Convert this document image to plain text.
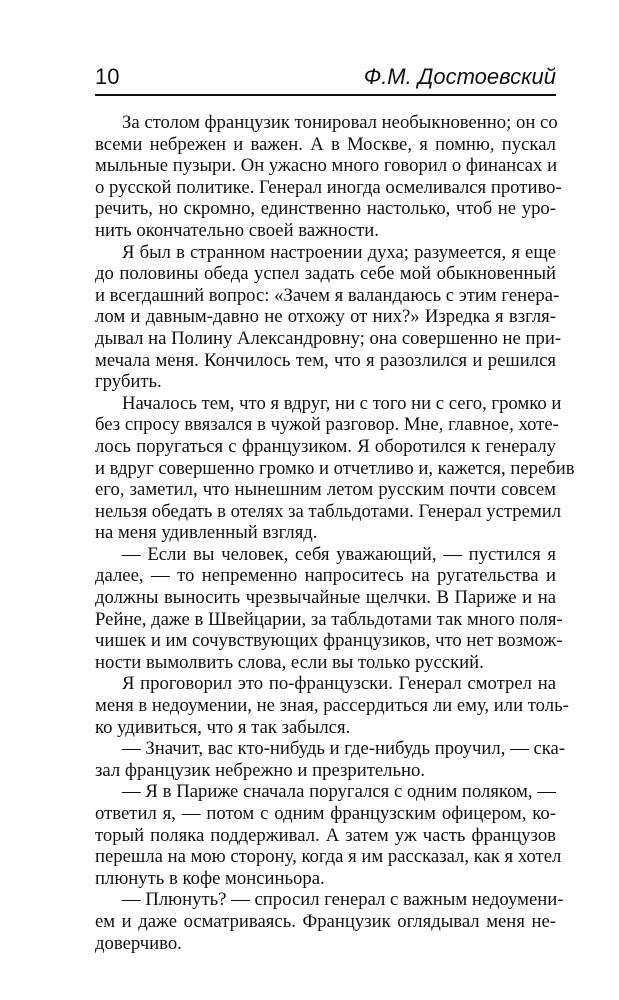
10	Ф.М. Достоевский
За столом французик тонировал необыкновенно; он со
всеми небрежен и важен. А в Москве, я помню, пускал
мыльные пузыри. Он ужасно много говорил о финансах и
о русской политике. Генерал иногда осмеливался противо-
речить, но скромно, единственно настолько, чтоб не уро-
нить окончательно своей важности.
Я был в странном настроении духа; разумеется, я еще
до половины обеда успел задать себе мой обыкновенный
и всегдашний вопрос: «Зачем я валандаюсь с этим генера-
лом и давным-давно не отхожу от них?» Изредка я взгля-
дывал на Полину Александровну; она совершенно не при-
мечала меня. Кончилось тем, что я разозлился и решился
грубить.
Началось тем, что я вдруг, ни с того ни с сего, громко и
без спросу ввязался в чужой разговор. Мне, главное, хоте-
лось поругаться с французиком. Я оборотился к генералу
и вдруг совершенно громко и отчетливо и, кажется, перебив
его, заметил, что нынешним летом русским почти совсем
нельзя обедать в отелях за табльдотами. Генерал устремил
на меня удивленный взгляд.
— Если вы человек, себя уважающий, — пустился я
далее, — то непременно напроситесь на ругательства и
должны выносить чрезвычайные щелчки. В Париже и на
Рейне, даже в Швейцарии, за табльдотами так много поля-
чишек и им сочувствующих французиков, что нет возмож-
ности вымолвить слова, если вы только русский.
Я проговорил это по-французски. Генерал смотрел на
меня в недоумении, не зная, рассердиться ли ему, или толь-
ко удивиться, что я так забылся.
— Значит, вас кто-нибудь и где-нибудь проучил, — ска-
зал французик небрежно и презрительно.
— Я в Париже сначала поругался с одним поляком, —
ответил я, — потом с одним французским офицером, ко-
торый поляка поддерживал. А затем уж часть французов
перешла на мою сторону, когда я им рассказал, как я хотел
плюнуть в кофе монсиньора.
— Плюнуть? — спросил генерал с важным недоумени-
ем и даже осматриваясь. Французик оглядывал меня не-
доверчиво.
